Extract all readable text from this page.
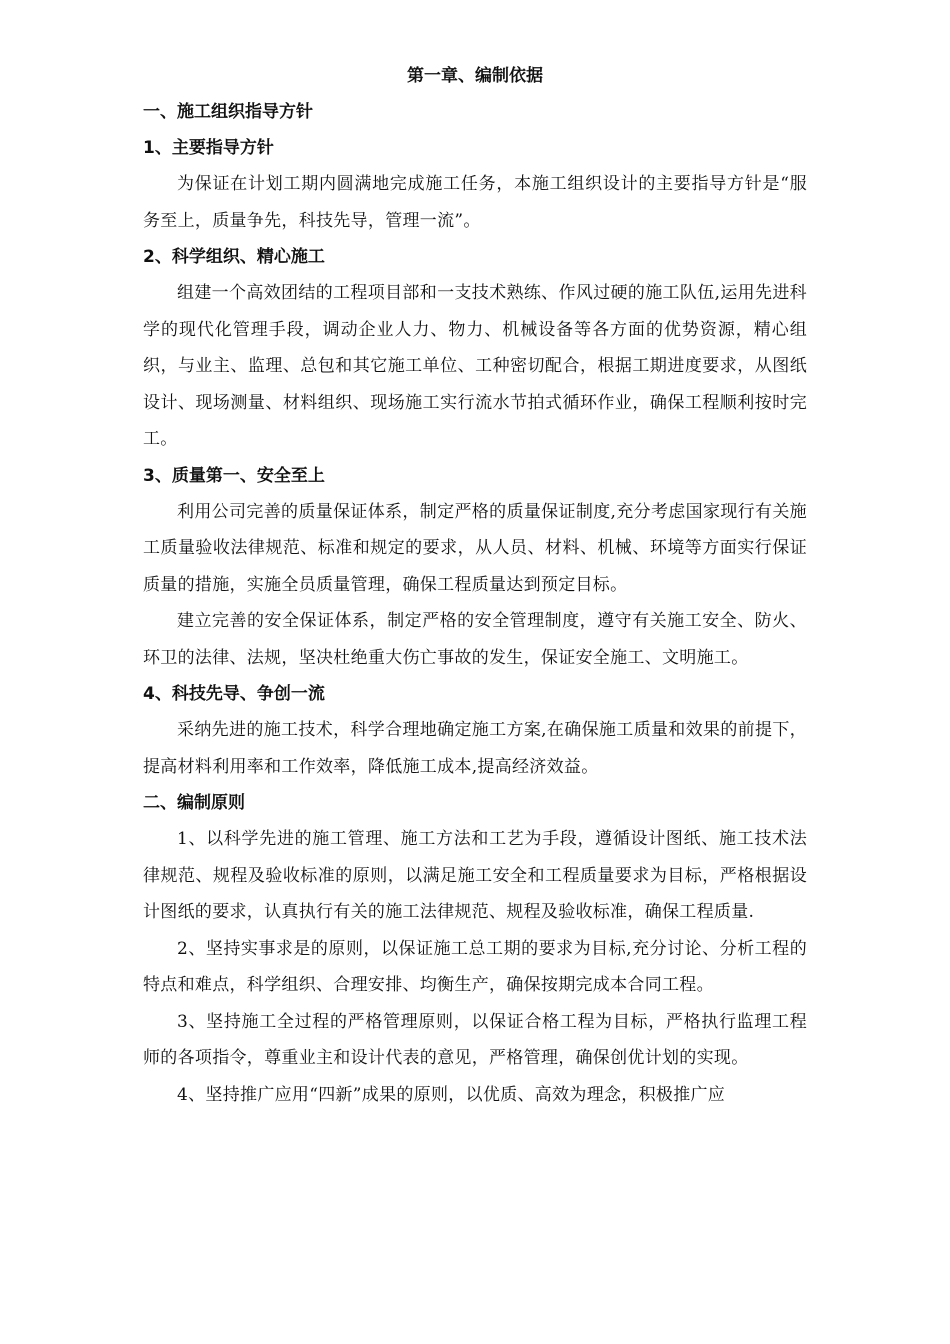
第一章、编制依据
一、施工组织指导方针
1、主要指导方针

为保证在计划工期内圆满地完成施工任务，本施工组织设计的主要指导方针是“服务至上，质量争先，科技先导，管理一流”。

2、科学组织、精心施工

组建一个高效团结的工程项目部和一支技术熟练、作风过硬的施工队伍,运用先进科学的现代化管理手段，调动企业人力、物力、机械设备等各方面的优势资源，精心组织，与业主、监理、总包和其它施工单位、工种密切配合，根据工期进度要求，从图纸设计、现场测量、材料组织、现场施工实行流水节拍式循环作业，确保工程顺利按时完工。

3、质量第一、安全至上

利用公司完善的质量保证体系，制定严格的质量保证制度,充分考虑国家现行有关施工质量验收法律规范、标准和规定的要求，从人员、材料、机械、环境等方面实行保证质量的措施，实施全员质量管理，确保工程质量达到预定目标。

建立完善的安全保证体系，制定严格的安全管理制度，遵守有关施工安全、防火、环卫的法律、法规，坚决杜绝重大伤亡事故的发生，保证安全施工、文明施工。

4、科技先导、争创一流

采纳先进的施工技术，科学合理地确定施工方案,在确保施工质量和效果的前提下，提高材料利用率和工作效率，降低施工成本,提高经济效益。

二、编制原则

1、以科学先进的施工管理、施工方法和工艺为手段，遵循设计图纸、施工技术法律规范、规程及验收标准的原则，以满足施工安全和工程质量要求为目标，严格根据设计图纸的要求，认真执行有关的施工法律规范、规程及验收标准，确保工程质量.

2、坚持实事求是的原则，以保证施工总工期的要求为目标,充分讨论、分析工程的特点和难点，科学组织、合理安排、均衡生产，确保按期完成本合同工程。

3、坚持施工全过程的严格管理原则，以保证合格工程为目标，严格执行监理工程师的各项指令，尊重业主和设计代表的意见，严格管理，确保创优计划的实现。

4、坚持推广应用“四新”成果的原则，以优质、高效为理念，积极推广应
